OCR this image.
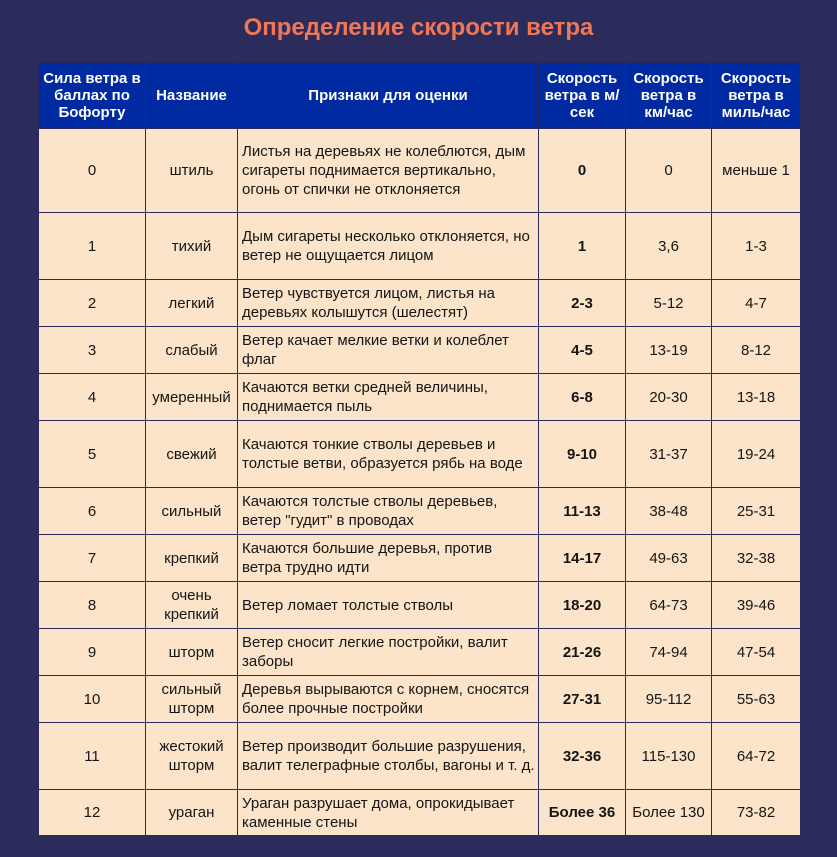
Определение скорости ветра
Сила ветра в баллах по Бофорту	Название	Признаки для оценки	Скорость ветра в м/сек	Скорость ветра в км/час	Скорость ветра в миль/час
0	штиль	Листья на деревьях не колеблются, дым сигареты поднимается вертикально, огонь от спички не отклоняется	0	0	меньше 1
1	тихий	Дым сигареты несколько отклоняется, но ветер не ощущается лицом	1	3,6	1-3
2	легкий	Ветер чувствуется лицом, листья на деревьях колышутся (шелестят)	2-3	5-12	4-7
3	слабый	Ветер качает мелкие ветки и колеблет флаг	4-5	13-19	8-12
4	умеренный	Качаются ветки средней величины, поднимается пыль	6-8	20-30	13-18
5	свежий	Качаются тонкие стволы деревьев и толстые ветви, образуется рябь на воде	9-10	31-37	19-24
6	сильный	Качаются толстые стволы деревьев, ветер "гудит" в проводах	11-13	38-48	25-31
7	крепкий	Качаются большие деревья, против ветра трудно идти	14-17	49-63	32-38
8	очень крепкий	Ветер ломает толстые стволы	18-20	64-73	39-46
9	шторм	Ветер сносит легкие постройки, валит заборы	21-26	74-94	47-54
10	сильный шторм	Деревья вырываются с корнем, сносятся более прочные постройки	27-31	95-112	55-63
11	жестокий шторм	Ветер производит большие разрушения, валит телеграфные столбы, вагоны и т. д.	32-36	115-130	64-72
12	ураган	Ураган разрушает дома, опрокидывает каменные стены	Более 36	Более 130	73-82
